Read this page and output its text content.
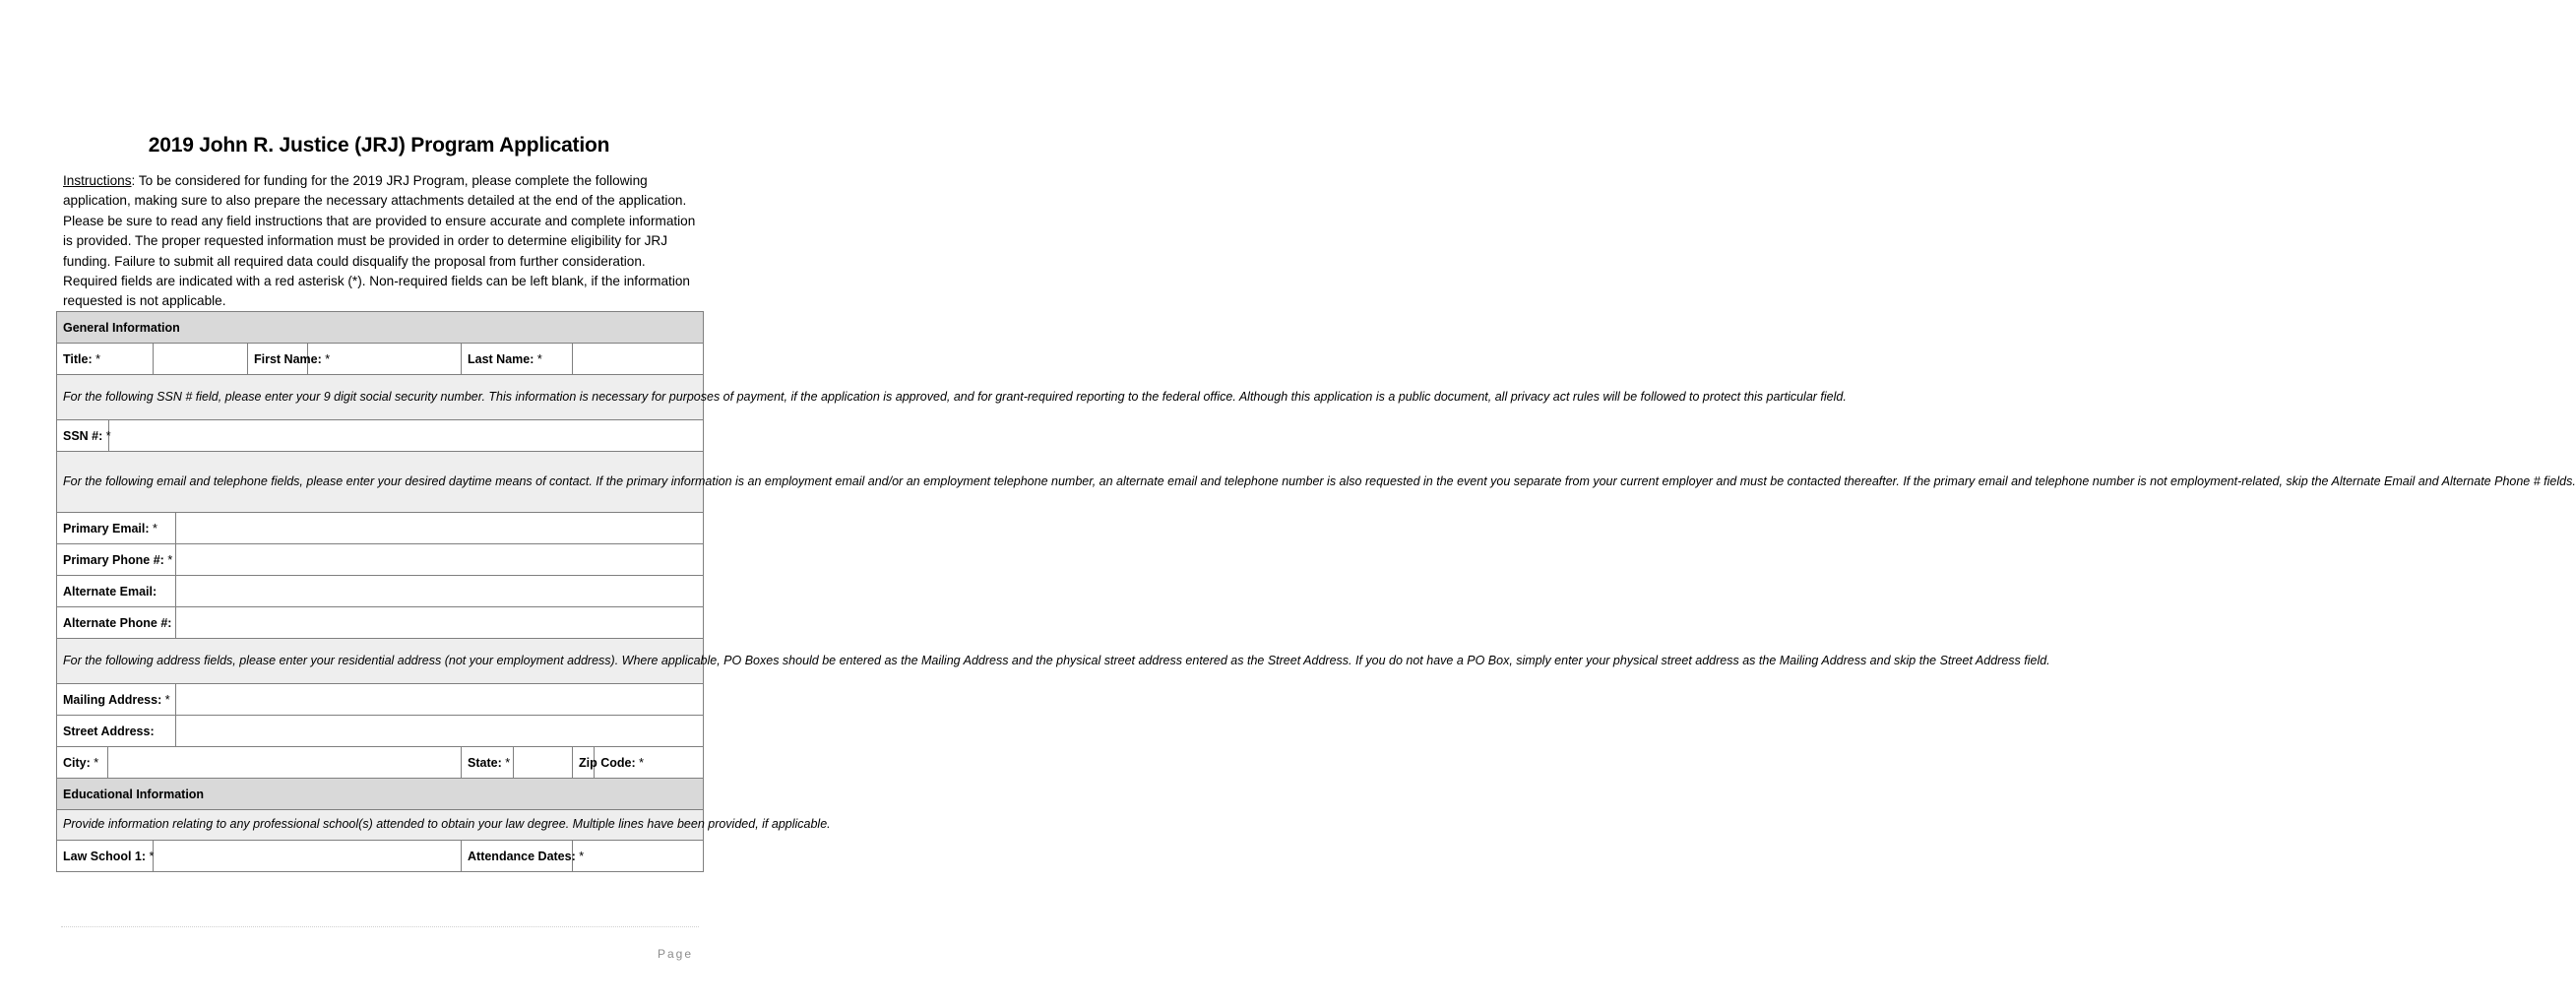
2019 John R. Justice (JRJ) Program Application
Instructions: To be considered for funding for the 2019 JRJ Program, please complete the following application, making sure to also prepare the necessary attachments detailed at the end of the application. Please be sure to read any field instructions that are provided to ensure accurate and complete information is provided. The proper requested information must be provided in order to determine eligibility for JRJ funding. Failure to submit all required data could disqualify the proposal from further consideration. Required fields are indicated with a red asterisk (*). Non-required fields can be left blank, if the information requested is not applicable.
General Information									
Title: *				First Name: *		Last Name: *			
For the following SSN # field, please enter your 9 digit social security number. This information is necessary for purposes of payment, if the application is approved, and for grant-required reporting to the federal office. Although this application is a public document, all privacy act rules will be followed to protect this particular field.									
SSN #: *									
For the following email and telephone fields, please enter your desired daytime means of contact. If the primary information is an employment email and/or an employment telephone number, an alternate email and telephone number is also requested in the event you separate from your current employer and must be contacted thereafter. If the primary email and telephone number is not employment-related, skip the Alternate Email and Alternate Phone # fields.									
Primary Email: *									
Primary Phone #: *									
Alternate Email:									
Alternate Phone #:									
For the following address fields, please enter your residential address (not your employment address). Where applicable, PO Boxes should be entered as the Mailing Address and the physical street address entered as the Street Address. If you do not have a PO Box, simply enter your physical street address as the Mailing Address and skip the Street Address field.									
Mailing Address: *									
Street Address:									
City: *						State: *		Zip Code: *	
Educational Information									
Provide information relating to any professional school(s) attended to obtain your law degree. Multiple lines have been provided, if applicable.									
Law School 1: *						Attendance Dates: *			
Page
